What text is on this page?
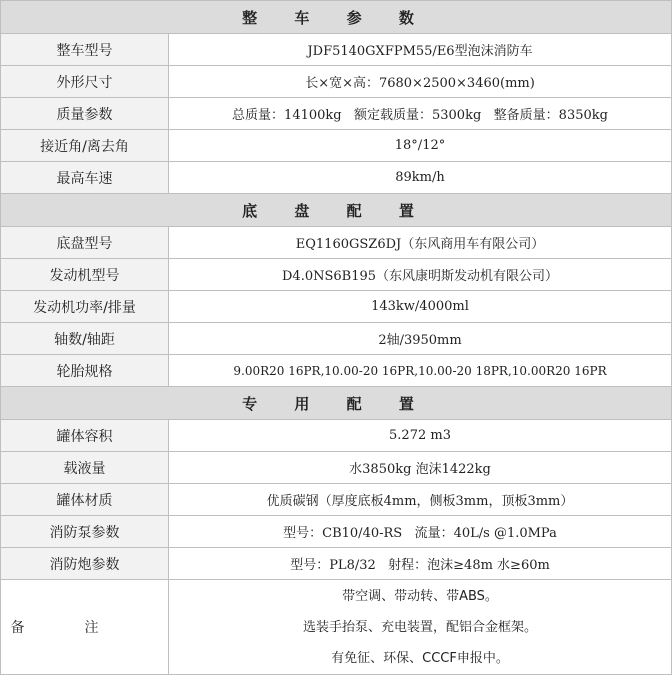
整 车 参 数	
整车型号	JDF5140GXFPM55/E6型泡沫消防车
外形尺寸	长×宽×高：7680×2500×3460(mm)
质量参数	总质量：14100kg   额定载质量：5300kg   整备质量：8350kg
接近角/离去角	18°/12°
最高车速	89km/h
底 盘 配 置	
底盘型号	EQ1160GSZ6DJ（东风商用车有限公司）
发动机型号	D4.0NS6B195（东风康明斯发动机有限公司）
发动机功率/排量	143kw/4000ml
轴数/轴距	2轴/3950mm
轮胎规格	9.00R20 16PR,10.00-20 16PR,10.00-20 18PR,10.00R20 16PR
专 用 配 置	
罐体容积	5.272 m3
载液量	水3850kg 泡沫1422kg
罐体材质	优质碳钢（厚度底板4mm，侧板3mm，顶板3mm）
消防泵参数	型号：CB10/40-RS   流量：40L/s @1.0MPa
消防炮参数	型号：PL8/32   射程：泡沫≥48m 水≥60m
备注	带空调、带动转、带ABS。
选装手抬泵、充电装置，配铝合金框架。
有免征、环保、CCCF申报中。
